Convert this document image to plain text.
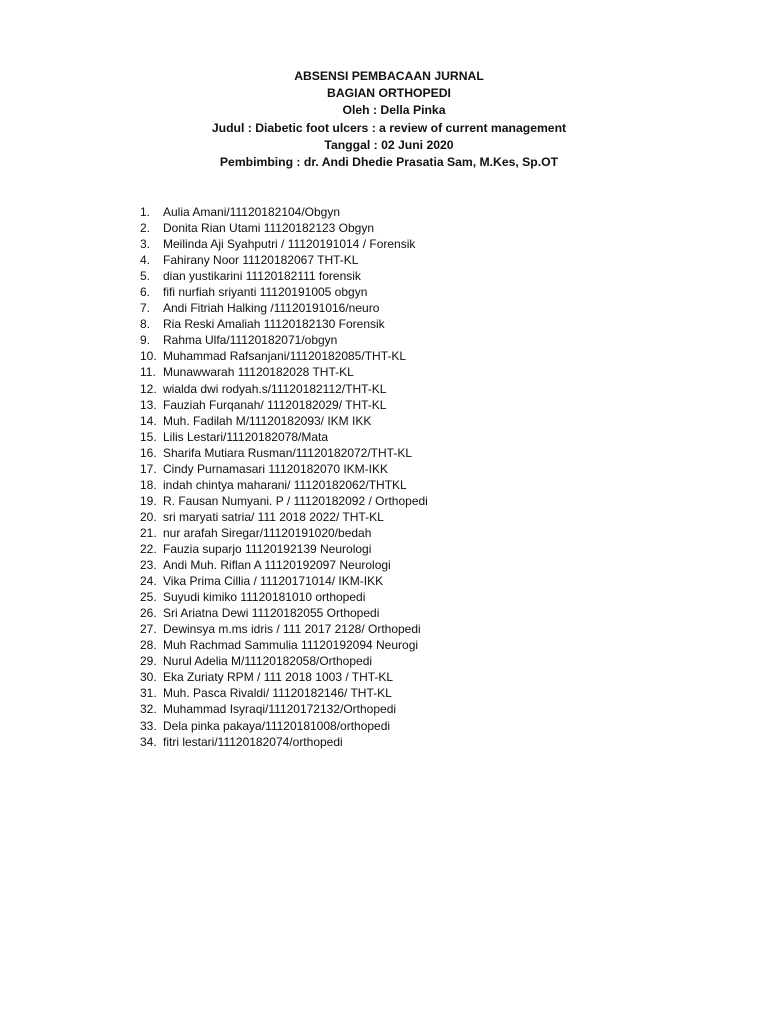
ABSENSI PEMBACAAN JURNAL
BAGIAN ORTHOPEDI
Oleh : Della Pinka
Judul : Diabetic foot ulcers : a review of current management
Tanggal : 02 Juni 2020
Pembimbing : dr. Andi Dhedie Prasatia Sam, M.Kes, Sp.OT
1.	Aulia Amani/11120182104/Obgyn
2.	Donita Rian Utami 11120182123 Obgyn
3.	Meilinda Aji Syahputri / 11120191014 / Forensik
4.	Fahirany Noor 11120182067 THT-KL
5.	dian yustikarini 11120182111 forensik
6.	fifi nurfiah sriyanti 11120191005 obgyn
7.	Andi Fitriah Halking /11120191016/neuro
8.	Ria Reski Amaliah 11120182130 Forensik
9.	Rahma Ulfa/11120182071/obgyn
10. Muhammad Rafsanjani/11120182085/THT-KL
11. Munawwarah 11120182028 THT-KL
12. wialda dwi rodyah.s/11120182112/THT-KL
13. Fauziah Furqanah/ 11120182029/ THT-KL
14. Muh. Fadilah M/11120182093/ IKM IKK
15. Lilis Lestari/11120182078/Mata
16. Sharifa Mutiara Rusman/11120182072/THT-KL
17. Cindy Purnamasari 11120182070 IKM-IKK
18. indah chintya maharani/ 11120182062/THTKL
19. R. Fausan Numyani. P / 11120182092 / Orthopedi
20. sri maryati satria/ 111 2018 2022/ THT-KL
21. nur arafah Siregar/11120191020/bedah
22. Fauzia suparjo 11120192139 Neurologi
23. Andi Muh. Riflan A 11120192097 Neurologi
24. Vika Prima Cillia / 11120171014/ IKM-IKK
25. Suyudi kimiko 11120181010 orthopedi
26. Sri Ariatna Dewi 11120182055 Orthopedi
27. Dewinsya m.ms idris / 111 2017 2128/ Orthopedi
28. Muh Rachmad Sammulia 11120192094 Neurogi
29. Nurul Adelia M/11120182058/Orthopedi
30. Eka Zuriaty RPM / 111 2018 1003 / THT-KL
31. Muh. Pasca Rivaldi/ 11120182146/ THT-KL
32. Muhammad Isyraqi/11120172132/Orthopedi
33. Dela pinka pakaya/11120181008/orthopedi
34. fitri lestari/11120182074/orthopedi
